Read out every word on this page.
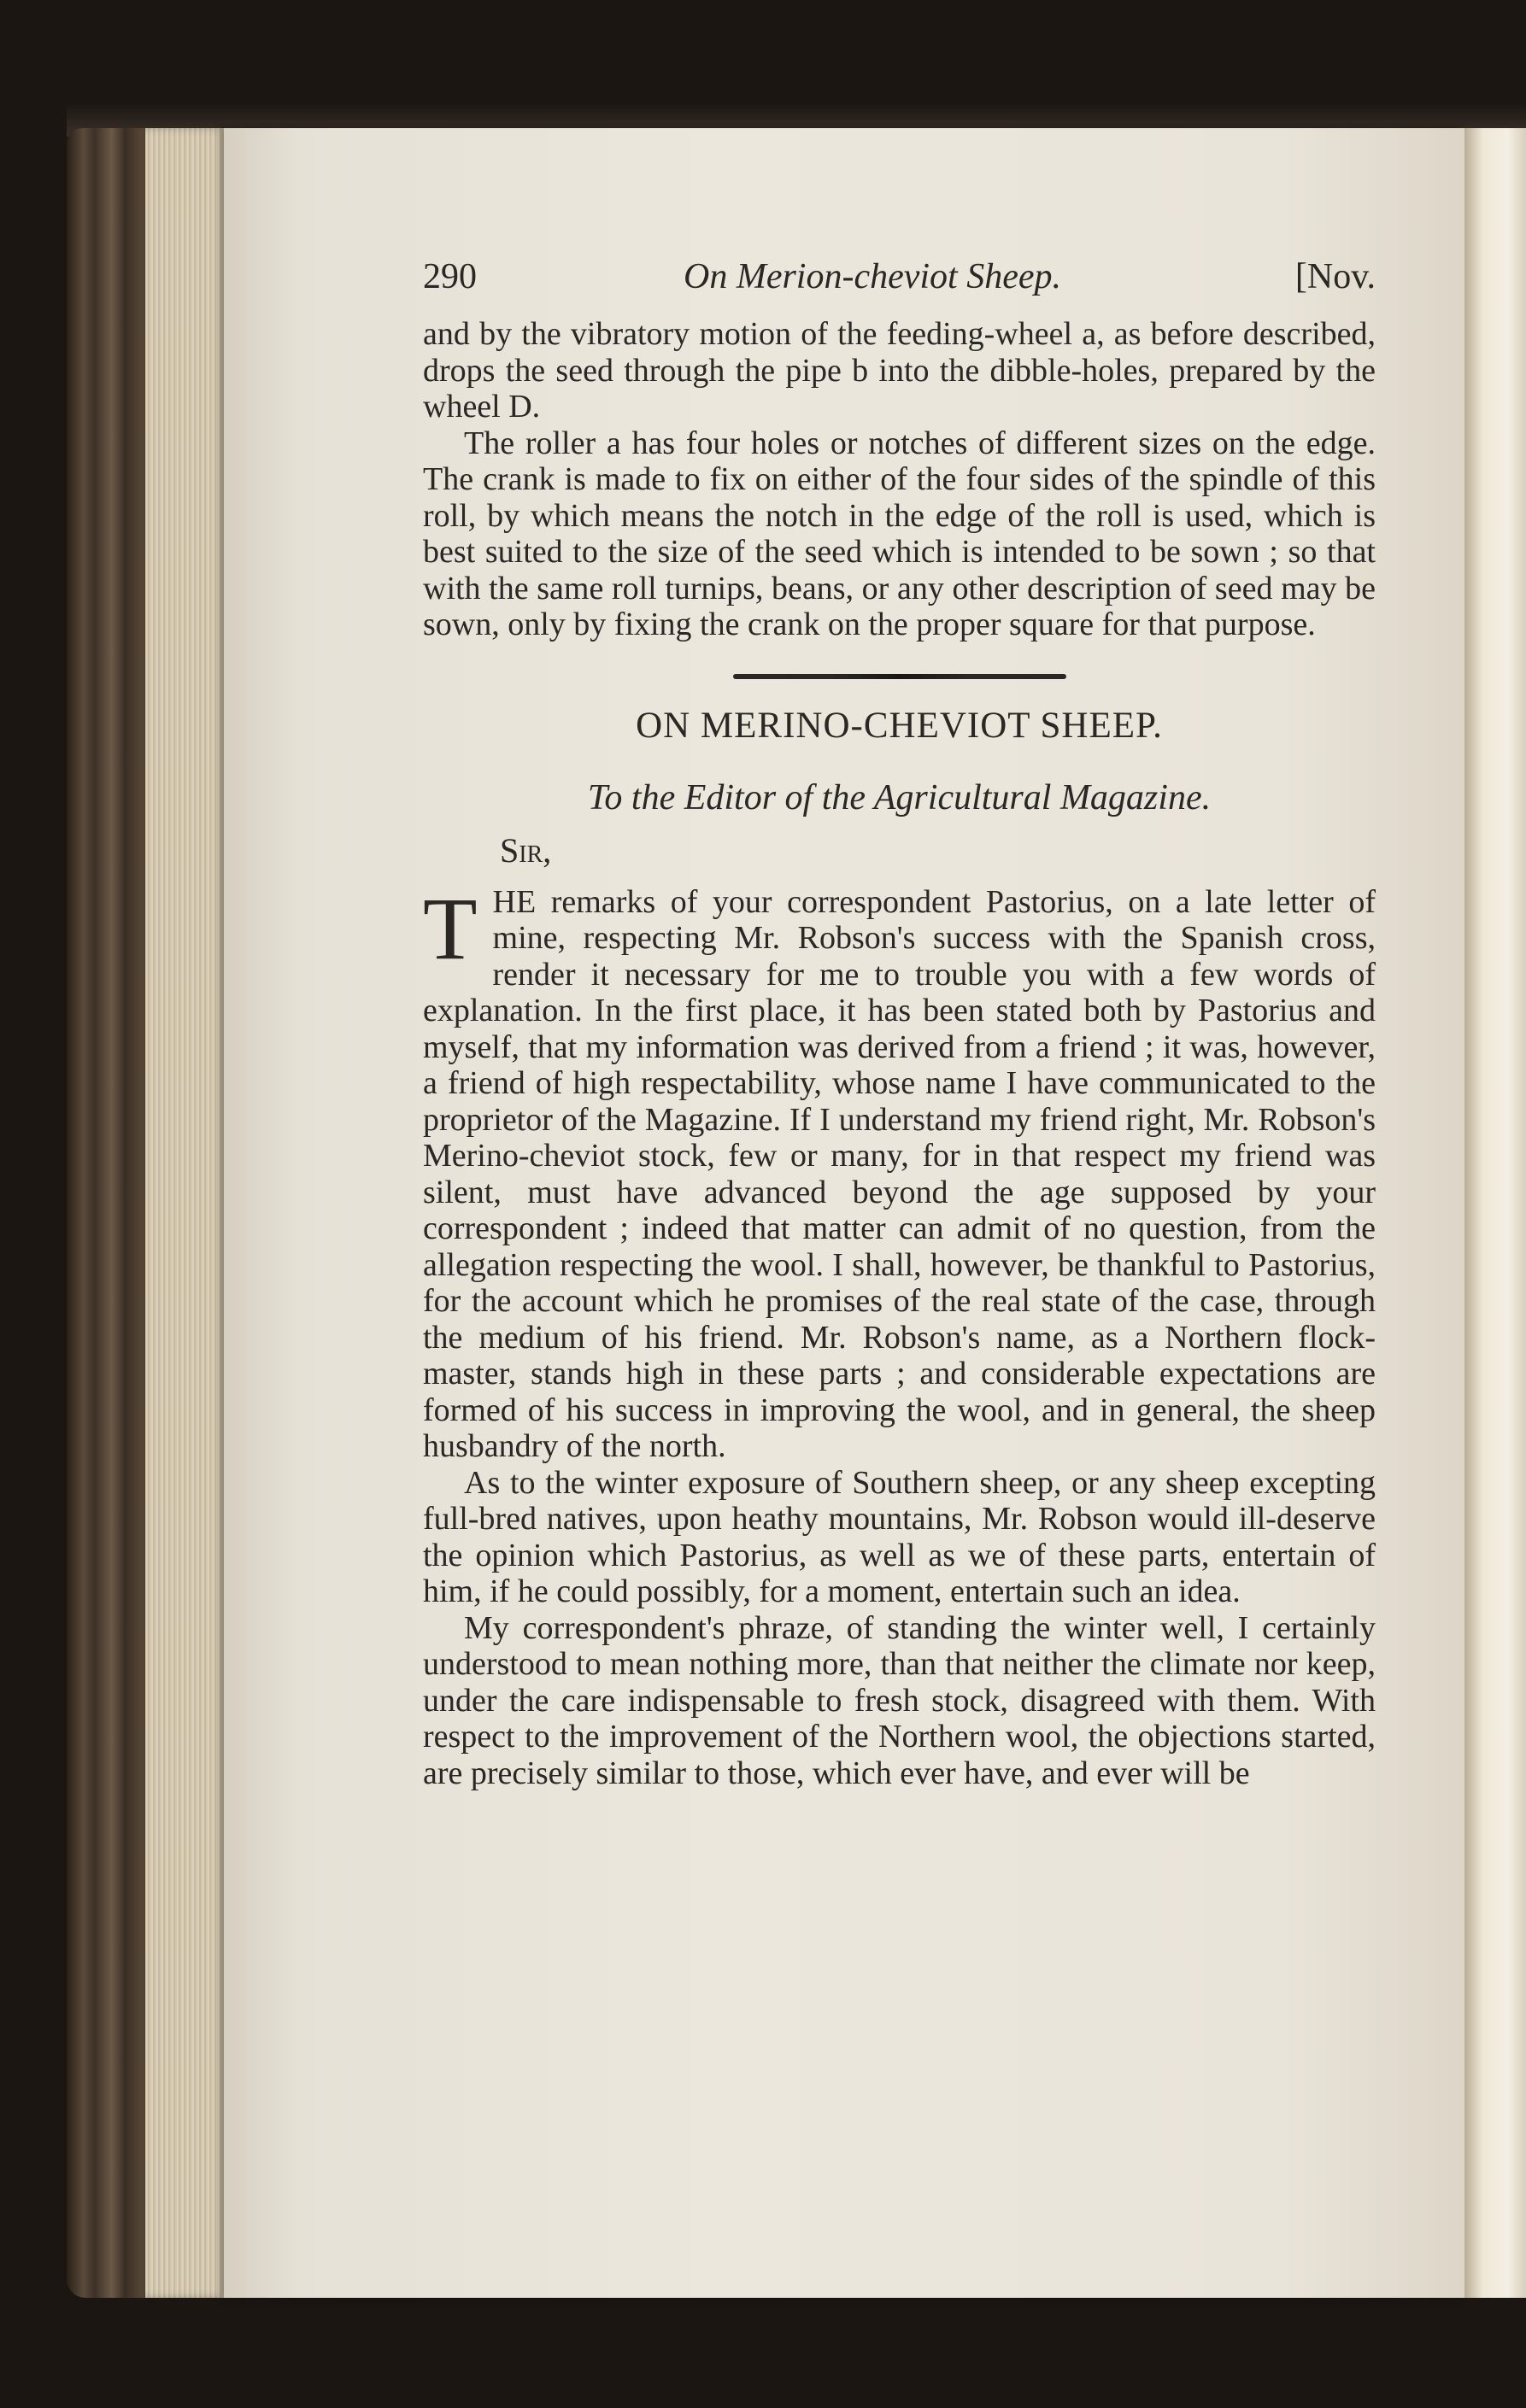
290	On Merion-cheviot Sheep.	[Nov.

and by the vibratory motion of the feeding-wheel a, as before described, drops the seed through the pipe b into the dibble-holes, prepared by the wheel D.

The roller a has four holes or notches of different sizes on the edge. The crank is made to fix on either of the four sides of the spindle of this roll, by which means the notch in the edge of the roll is used, which is best suited to the size of the seed which is intended to be sown ; so that with the same roll turnips, beans, or any other description of seed may be sown, only by fixing the crank on the proper square for that purpose.

ON MERINO-CHEVIOT SHEEP.
To the Editor of the Agricultural Magazine.
Sir,

THE remarks of your correspondent Pastorius, on a late letter of mine, respecting Mr. Robson's success with the Spanish cross, render it necessary for me to trouble you with a few words of explanation. In the first place, it has been stated both by Pastorius and myself, that my information was derived from a friend ; it was, however, a friend of high respectability, whose name I have communicated to the proprietor of the Magazine. If I understand my friend right, Mr. Robson's Merino-cheviot stock, few or many, for in that respect my friend was silent, must have advanced beyond the age supposed by your correspondent ; indeed that matter can admit of no question, from the allegation respecting the wool. I shall, however, be thankful to Pastorius, for the account which he promises of the real state of the case, through the medium of his friend. Mr. Robson's name, as a Northern flock-master, stands high in these parts ; and considerable expectations are formed of his success in improving the wool, and in general, the sheep husbandry of the north.

As to the winter exposure of Southern sheep, or any sheep excepting full-bred natives, upon heathy mountains, Mr. Robson would ill-deserve the opinion which Pastorius, as well as we of these parts, entertain of him, if he could possibly, for a moment, entertain such an idea.

My correspondent's phraze, of standing the winter well, I certainly understood to mean nothing more, than that neither the climate nor keep, under the care indispensable to fresh stock, disagreed with them. With respect to the improvement of the Northern wool, the objections started, are precisely similar to those, which ever have, and ever will be
